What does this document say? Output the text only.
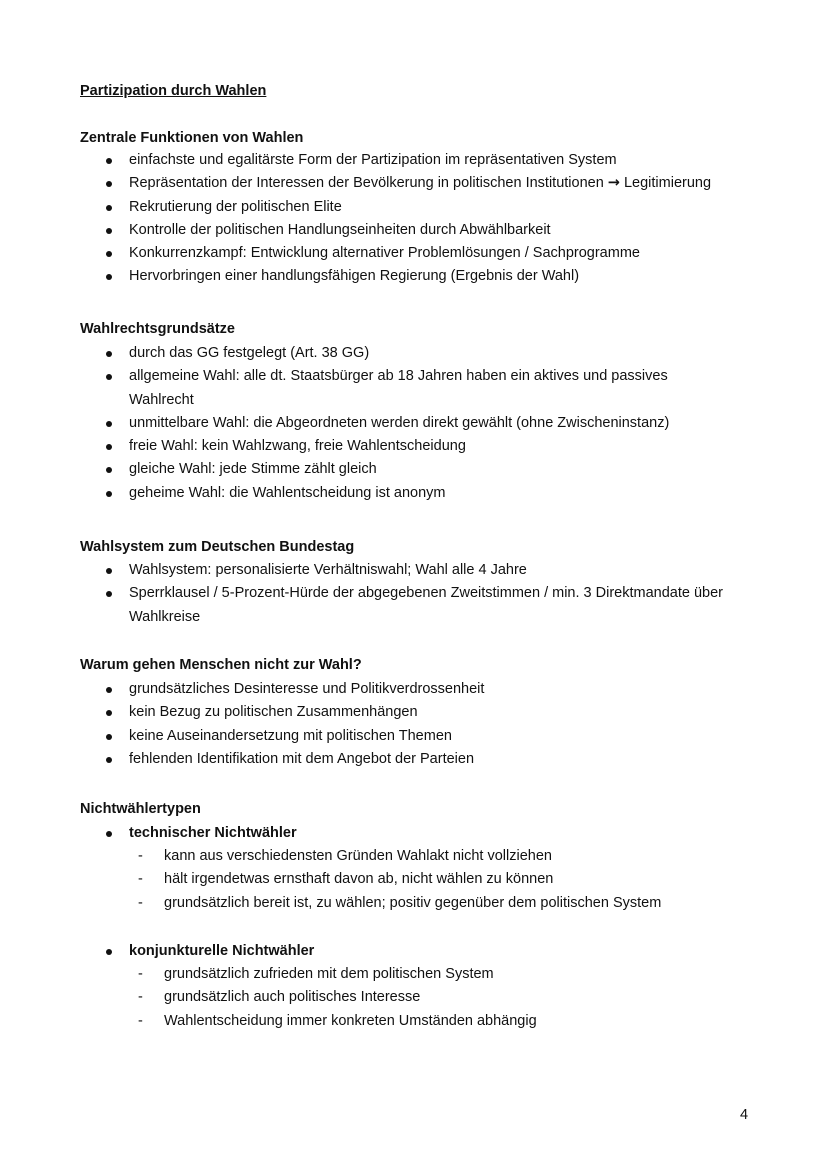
Partizipation durch Wahlen
Zentrale Funktionen von Wahlen
einfachste und egalitärste Form der Partizipation im repräsentativen System
Repräsentation der Interessen der Bevölkerung in politischen Institutionen → Legitimierung
Rekrutierung der politischen Elite
Kontrolle der politischen Handlungseinheiten durch Abwählbarkeit
Konkurrenzkampf: Entwicklung alternativer Problemlösungen / Sachprogramme
Hervorbringen einer handlungsfähigen Regierung (Ergebnis der Wahl)
Wahlrechtsgrundsätze
durch das GG festgelegt (Art. 38 GG)
allgemeine Wahl: alle dt. Staatsbürger ab 18 Jahren haben ein aktives und passives Wahlrecht
unmittelbare Wahl: die Abgeordneten werden direkt gewählt (ohne Zwischeninstanz)
freie Wahl: kein Wahlzwang, freie Wahlentscheidung
gleiche Wahl: jede Stimme zählt gleich
geheime Wahl: die Wahlentscheidung ist anonym
Wahlsystem zum Deutschen Bundestag
Wahlsystem: personalisierte Verhältniswahl; Wahl alle 4 Jahre
Sperrklausel / 5-Prozent-Hürde der abgegebenen Zweitstimmen / min. 3 Direktmandate über Wahlkreise
Warum gehen Menschen nicht zur Wahl?
grundsätzliches Desinteresse und Politikverdrossenheit
kein Bezug zu politischen Zusammenhängen
keine Auseinandersetzung mit politischen Themen
fehlenden Identifikation mit dem Angebot der Parteien
Nichtwählertypen
technischer Nichtwähler
- kann aus verschiedensten Gründen Wahlakt nicht vollziehen
- hält irgendetwas ernsthaft davon ab, nicht wählen zu können
- grundsätzlich bereit ist, zu wählen; positiv gegenüber dem politischen System
konjunkturelle Nichtwähler
- grundsätzlich zufrieden mit dem politischen System
- grundsätzlich auch politisches Interesse
- Wahlentscheidung immer konkreten Umständen abhängig
4
